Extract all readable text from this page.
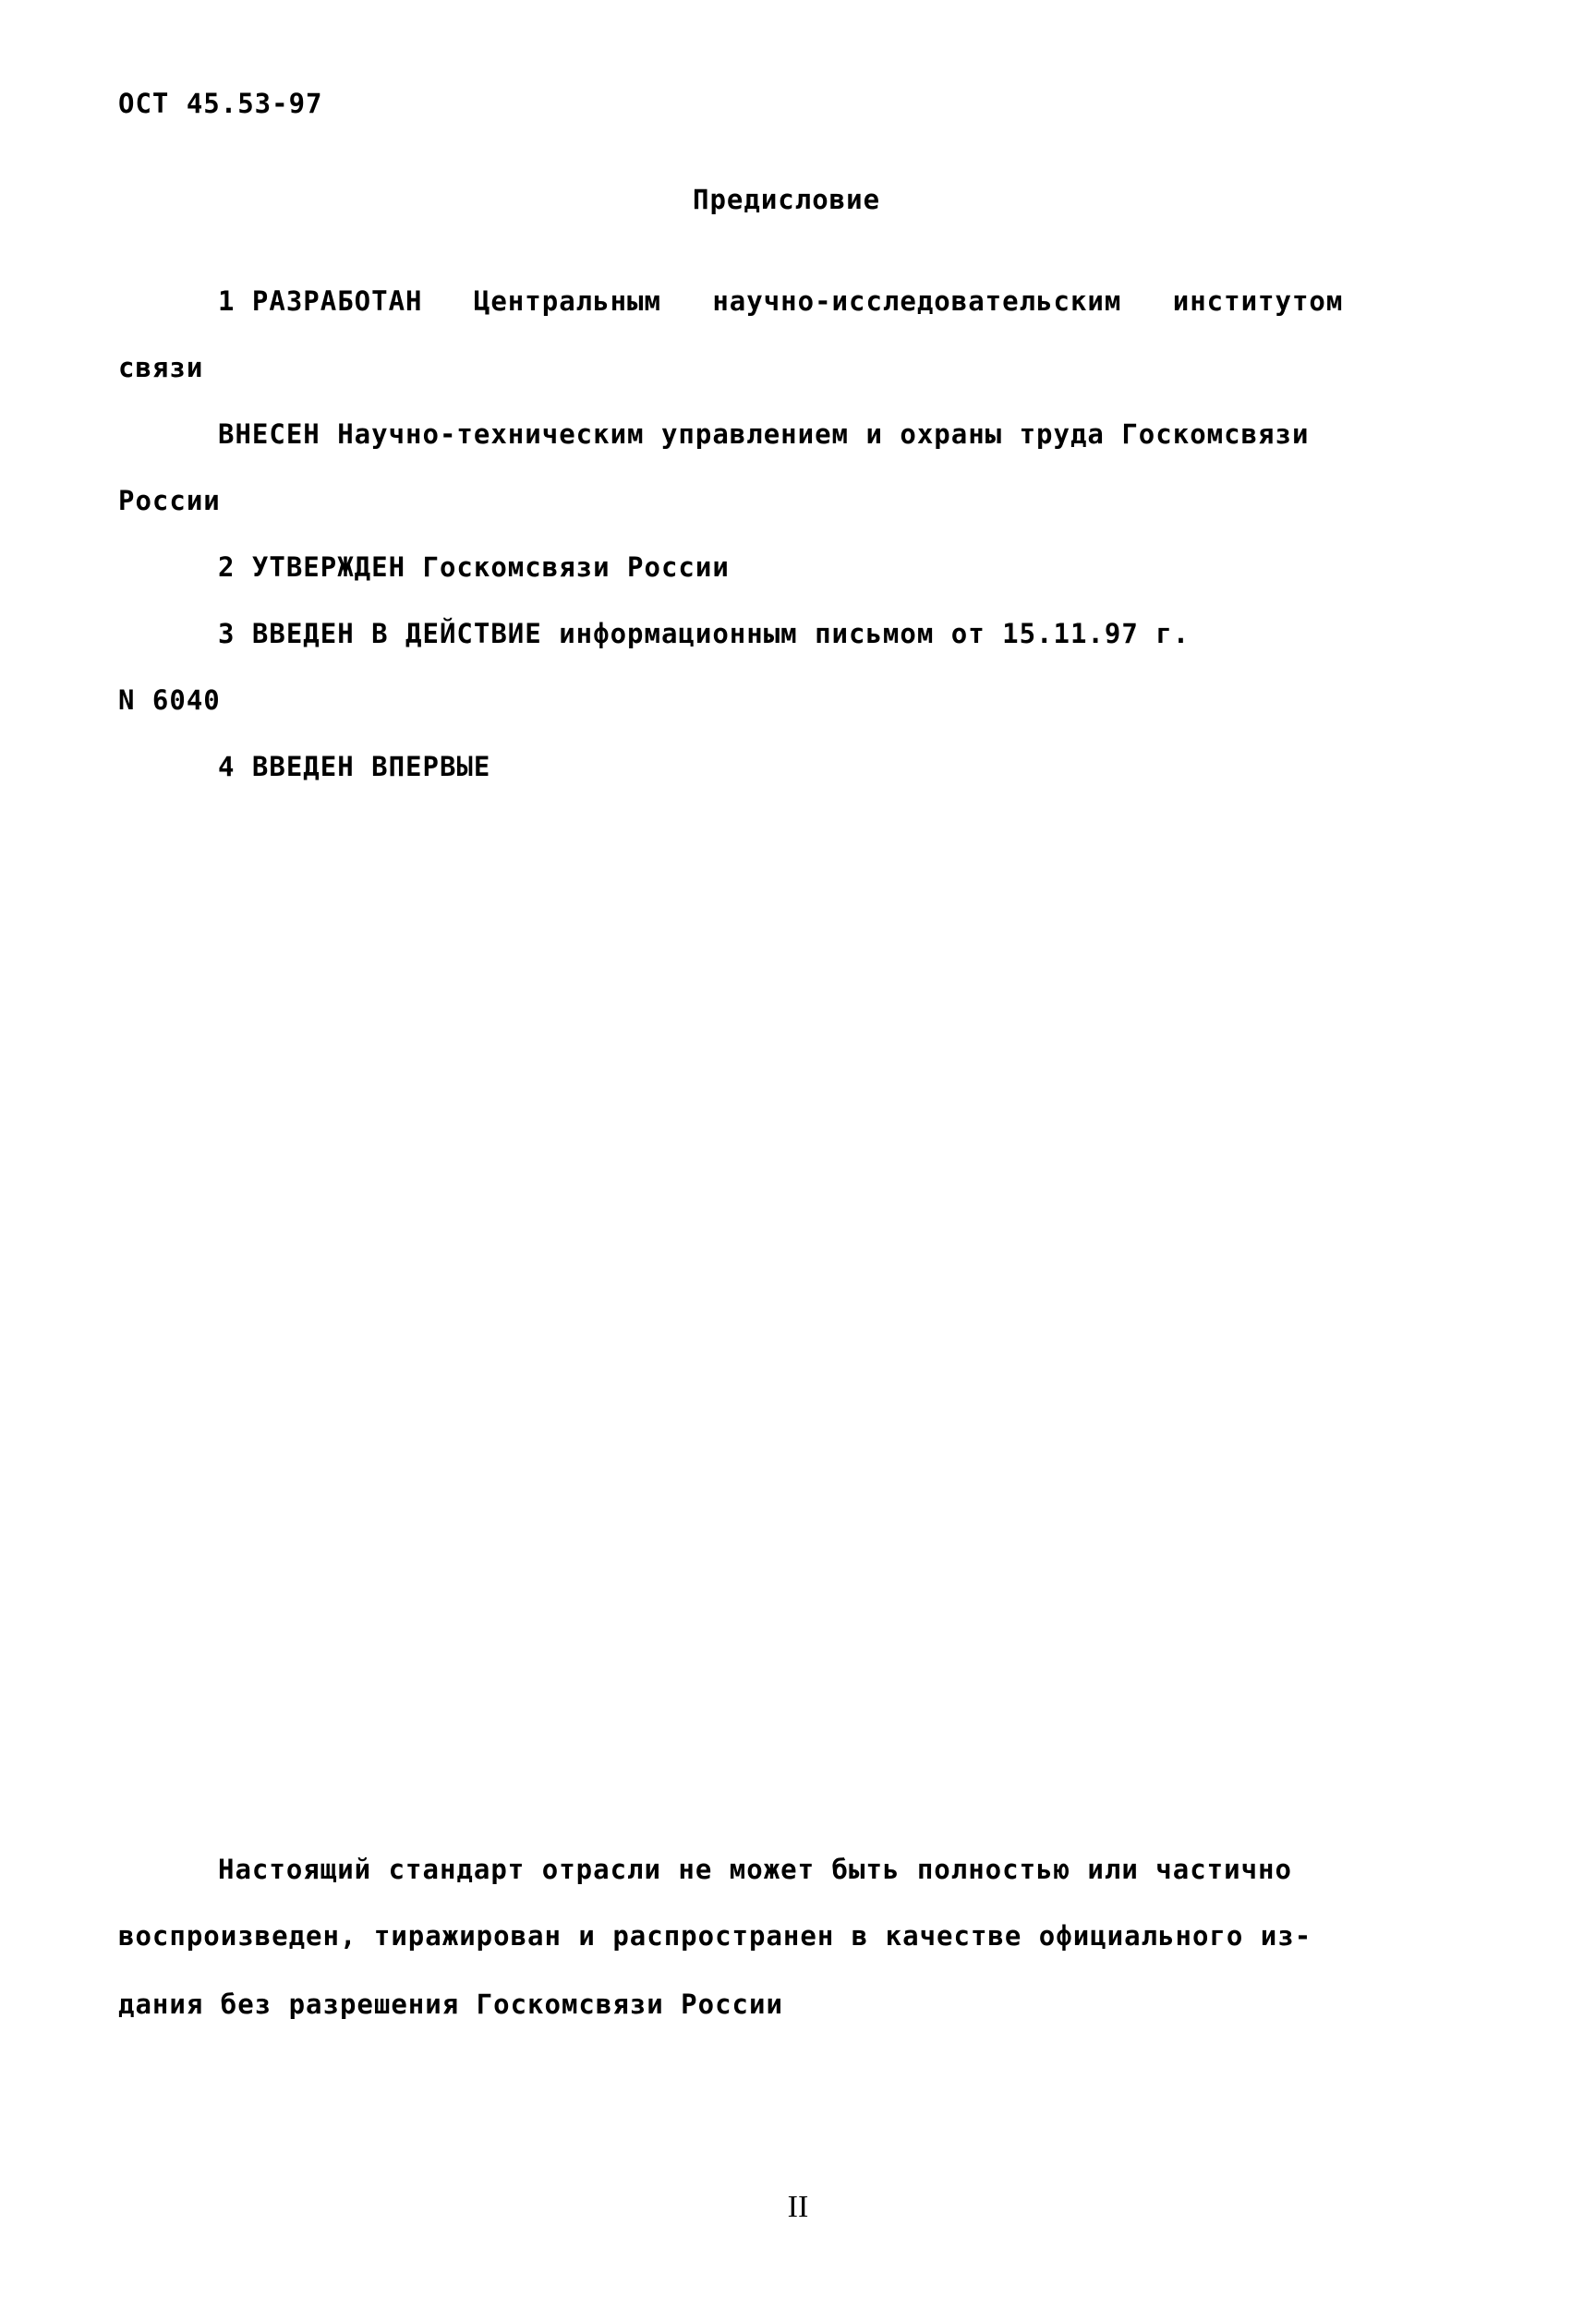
ОСТ 45.53-97
Предисловие
1 РАЗРАБОТАН   Центральным   научно-исследовательским   институтом
связи
ВНЕСЕН Научно-техническим управлением и охраны труда Госкомсвязи
России
2 УТВЕРЖДЕН Госкомсвязи России
3 ВВЕДЕН В ДЕЙСТВИЕ информационным письмом от 15.11.97 г.
N 6040
4 ВВЕДЕН ВПЕРВЫЕ
Настоящий стандарт отрасли не может быть полностью или частично
воспроизведен, тиражирован и распространен в качестве официального из-
дания без разрешения Госкомсвязи России
II
